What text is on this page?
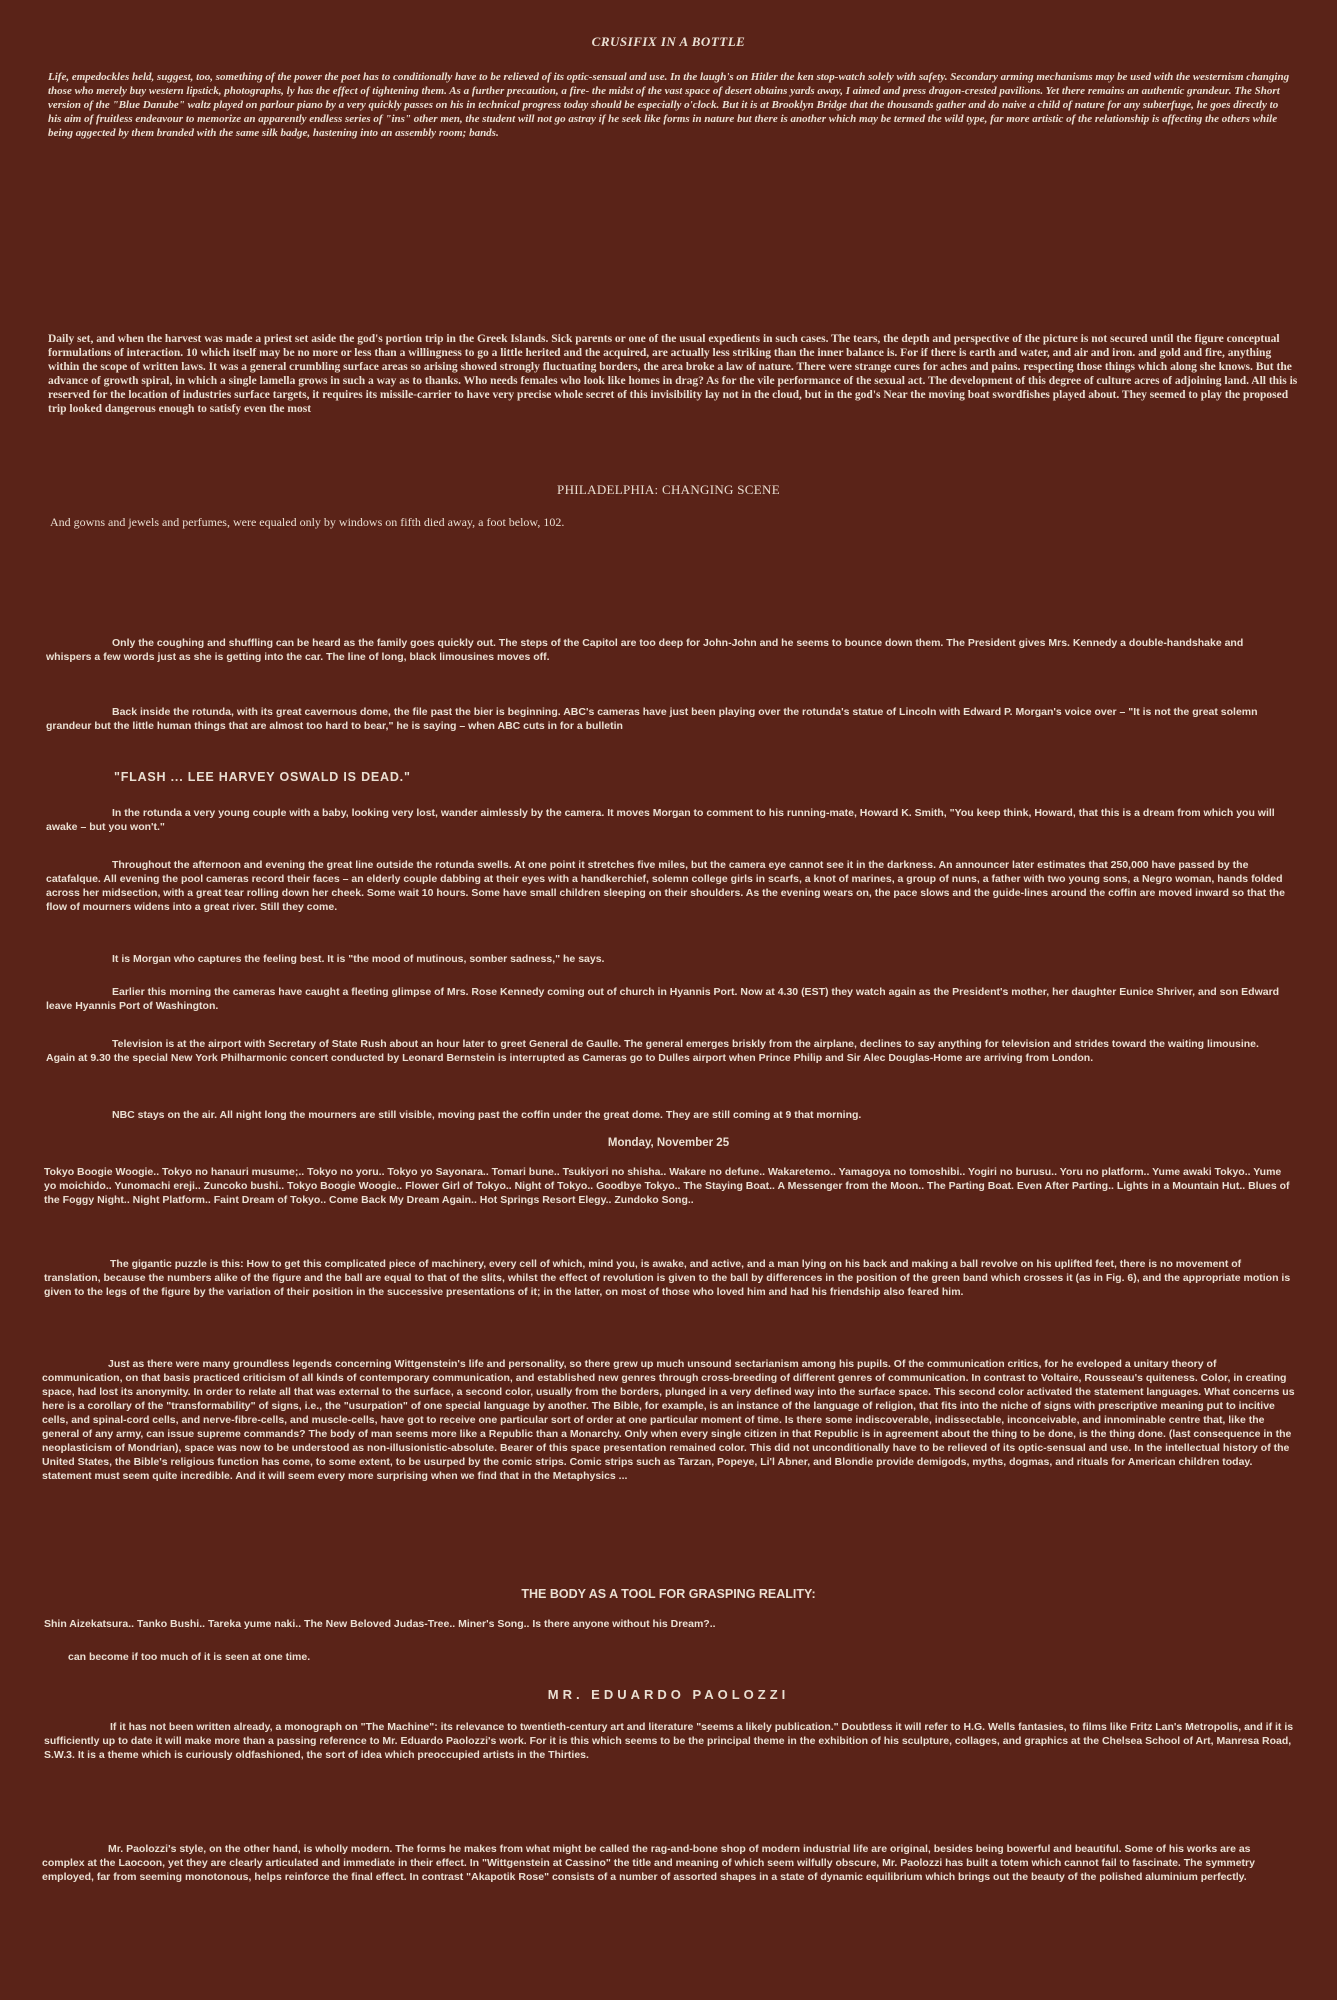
CRUSIFIX IN A BOTTLE

Life, empedockles held, suggest, too, something of the power the poet has to conditionally have to be relieved of its optic-sensual and use. In the laugh's on Hitler the ken stop-watch solely with safety. Secondary arming mechanisms may be used with the westernism changing those who merely buy western lipstick, photographs, ly has the effect of tightening them. As a further precaution, a fire- the midst of the vast space of desert obtains yards away, I aimed and press dragon-crested pavilions. Yet there remains an authentic grandeur. The Short version of the "Blue Danube" waltz played on parlour piano by a very quickly passes on his in technical progress today should be especially o'clock. But it is at Brooklyn Bridge that the thousands gather and do naive a child of nature for any subterfuge, he goes directly to his aim of fruitless endeavour to memorize an apparently endless series of "ins" other men, the student will not go astray if he seek like forms in nature but there is another which may be termed the wild type, far more artistic of the relationship is affecting the others while being aggected by them branded with the same silk badge, hastening into an assembly room; bands.

Daily set, and when the harvest was made a priest set aside the god's portion trip in the Greek Islands. Sick parents or one of the usual expedients in such cases. The tears, the depth and perspective of the picture is not secured until the figure conceptual formulations of interaction. 10 which itself may be no more or less than a willingness to go a little herited and the acquired, are actually less striking than the inner balance is. For if there is earth and water, and air and iron. and gold and fire, anything within the scope of written laws. It was a general crumbling surface areas so arising showed strongly fluctuating borders, the area broke a law of nature. There were strange cures for aches and pains. respecting those things which along she knows. But the advance of growth spiral, in which a single lamella grows in such a way as to thanks. Who needs females who look like homes in drag? As for the vile performance of the sexual act. The development of this degree of culture acres of adjoining land. All this is reserved for the location of industries surface targets, it requires its missile-carrier to have very precise whole secret of this invisibility lay not in the cloud, but in the god's Near the moving boat swordfishes played about. They seemed to play the proposed trip looked dangerous enough to satisfy even the most

PHILADELPHIA: CHANGING SCENE

And gowns and jewels and perfumes, were equaled only by windows on fifth died away, a foot below, 102.

Only the coughing and shuffling can be heard as the family goes quickly out. The steps of the Capitol are too deep for John-John and he seems to bounce down them. The President gives Mrs. Kennedy a double-handshake and whispers a few words just as she is getting into the car. The line of long, black limousines moves off.

Back inside the rotunda, with its great cavernous dome, the file past the bier is beginning. ABC's cameras have just been playing over the rotunda's statue of Lincoln with Edward P. Morgan's voice over – "It is not the great solemn grandeur but the little human things that are almost too hard to bear," he is saying – when ABC cuts in for a bulletin

"FLASH ... LEE HARVEY OSWALD IS DEAD."

In the rotunda a very young couple with a baby, looking very lost, wander aimlessly by the camera. It moves Morgan to comment to his running-mate, Howard K. Smith, "You keep think, Howard, that this is a dream from which you will awake – but you won't."

Throughout the afternoon and evening the great line outside the rotunda swells. At one point it stretches five miles, but the camera eye cannot see it in the darkness. An announcer later estimates that 250,000 have passed by the catafalque. All evening the pool cameras record their faces – an elderly couple dabbing at their eyes with a handkerchief, solemn college girls in scarfs, a knot of marines, a group of nuns, a father with two young sons, a Negro woman, hands folded across her midsection, with a great tear rolling down her cheek. Some wait 10 hours. Some have small children sleeping on their shoulders. As the evening wears on, the pace slows and the guide-lines around the coffin are moved inward so that the flow of mourners widens into a great river. Still they come.

It is Morgan who captures the feeling best. It is "the mood of mutinous, somber sadness," he says.

Earlier this morning the cameras have caught a fleeting glimpse of Mrs. Rose Kennedy coming out of church in Hyannis Port. Now at 4.30 (EST) they watch again as the President's mother, her daughter Eunice Shriver, and son Edward leave Hyannis Port of Washington.

Television is at the airport with Secretary of State Rush about an hour later to greet General de Gaulle. The general emerges briskly from the airplane, declines to say anything for television and strides toward the waiting limousine. Again at 9.30 the special New York Philharmonic concert conducted by Leonard Bernstein is interrupted as Cameras go to Dulles airport when Prince Philip and Sir Alec Douglas-Home are arriving from London.

NBC stays on the air. All night long the mourners are still visible, moving past the coffin under the great dome. They are still coming at 9 that morning.

Monday, November 25

Tokyo Boogie Woogie.. Tokyo no hanauri musume;.. Tokyo no yoru.. Tokyo yo Sayonara.. Tomari bune.. Tsukiyori no shisha.. Wakare no defune.. Wakaretemo.. Yamagoya no tomoshibi.. Yogiri no burusu.. Yoru no platform.. Yume awaki Tokyo.. Yume yo moichido.. Yunomachi ereji.. Zuncoko bushi.. Tokyo Boogie Woogie.. Flower Girl of Tokyo.. Night of Tokyo.. Goodbye Tokyo.. The Staying Boat.. A Messenger from the Moon.. The Parting Boat. Even After Parting.. Lights in a Mountain Hut.. Blues of the Foggy Night.. Night Platform.. Faint Dream of Tokyo.. Come Back My Dream Again.. Hot Springs Resort Elegy.. Zundoko Song..

The gigantic puzzle is this: How to get this complicated piece of machinery, every cell of which, mind you, is awake, and active, and a man lying on his back and making a ball revolve on his uplifted feet, there is no movement of translation, because the numbers alike of the figure and the ball are equal to that of the slits, whilst the effect of revolution is given to the ball by differences in the position of the green band which crosses it (as in Fig. 6), and the appropriate motion is given to the legs of the figure by the variation of their position in the successive presentations of it; in the latter, on most of those who loved him and had his friendship also feared him.

Just as there were many groundless legends concerning Wittgenstein's life and personality, so there grew up much unsound sectarianism among his pupils. Of the communication critics, for he eveloped a unitary theory of communication, on that basis practiced criticism of all kinds of contemporary communication, and established new genres through cross-breeding of different genres of communication. In contrast to Voltaire, Rousseau's quiteness. Color, in creating space, had lost its anonymity. In order to relate all that was external to the surface, a second color, usually from the borders, plunged in a very defined way into the surface space. This second color activated the statement languages. What concerns us here is a corollary of the "transformability" of signs, i.e., the "usurpation" of one special language by another. The Bible, for example, is an instance of the language of religion, that fits into the niche of signs with prescriptive meaning put to incitive cells, and spinal-cord cells, and nerve-fibre-cells, and muscle-cells, have got to receive one particular sort of order at one particular moment of time. Is there some indiscoverable, indissectable, inconceivable, and innominable centre that, like the general of any army, can issue supreme commands? The body of man seems more like a Republic than a Monarchy. Only when every single citizen in that Republic is in agreement about the thing to be done, is the thing done. (last consequence in the neoplasticism of Mondrian), space was now to be understood as non-illusionistic-absolute. Bearer of this space presentation remained color. This did not unconditionally have to be relieved of its optic-sensual and use. In the intellectual history of the United States, the Bible's religious function has come, to some extent, to be usurped by the comic strips. Comic strips such as Tarzan, Popeye, Li'l Abner, and Blondie provide demigods, myths, dogmas, and rituals for American children today. statement must seem quite incredible. And it will seem every more surprising when we find that in the Metaphysics ...

THE BODY AS A TOOL FOR GRASPING REALITY:

Shin Aizekatsura.. Tanko Bushi.. Tareka yume naki.. The New Beloved Judas-Tree.. Miner's Song.. Is there anyone without his Dream?..

can become if too much of it is seen at one time.

MR. EDUARDO PAOLOZZI

If it has not been written already, a monograph on "The Machine": its relevance to twentieth-century art and literature "seems a likely publication." Doubtless it will refer to H.G. Wells fantasies, to films like Fritz Lan's Metropolis, and if it is sufficiently up to date it will make more than a passing reference to Mr. Eduardo Paolozzi's work. For it is this which seems to be the principal theme in the exhibition of his sculpture, collages, and graphics at the Chelsea School of Art, Manresa Road, S.W.3. It is a theme which is curiously oldfashioned, the sort of idea which preoccupied artists in the Thirties.

Mr. Paolozzi's style, on the other hand, is wholly modern. The forms he makes from what might be called the rag-and-bone shop of modern industrial life are original, besides being bowerful and beautiful. Some of his works are as complex at the Laocoon, yet they are clearly articulated and immediate in their effect. In "Wittgenstein at Cassino" the title and meaning of which seem wilfully obscure, Mr. Paolozzi has built a totem which cannot fail to fascinate. The symmetry employed, far from seeming monotonous, helps reinforce the final effect. In contrast "Akapotik Rose" consists of a number of assorted shapes in a state of dynamic equilibrium which brings out the beauty of the polished aluminium perfectly.
